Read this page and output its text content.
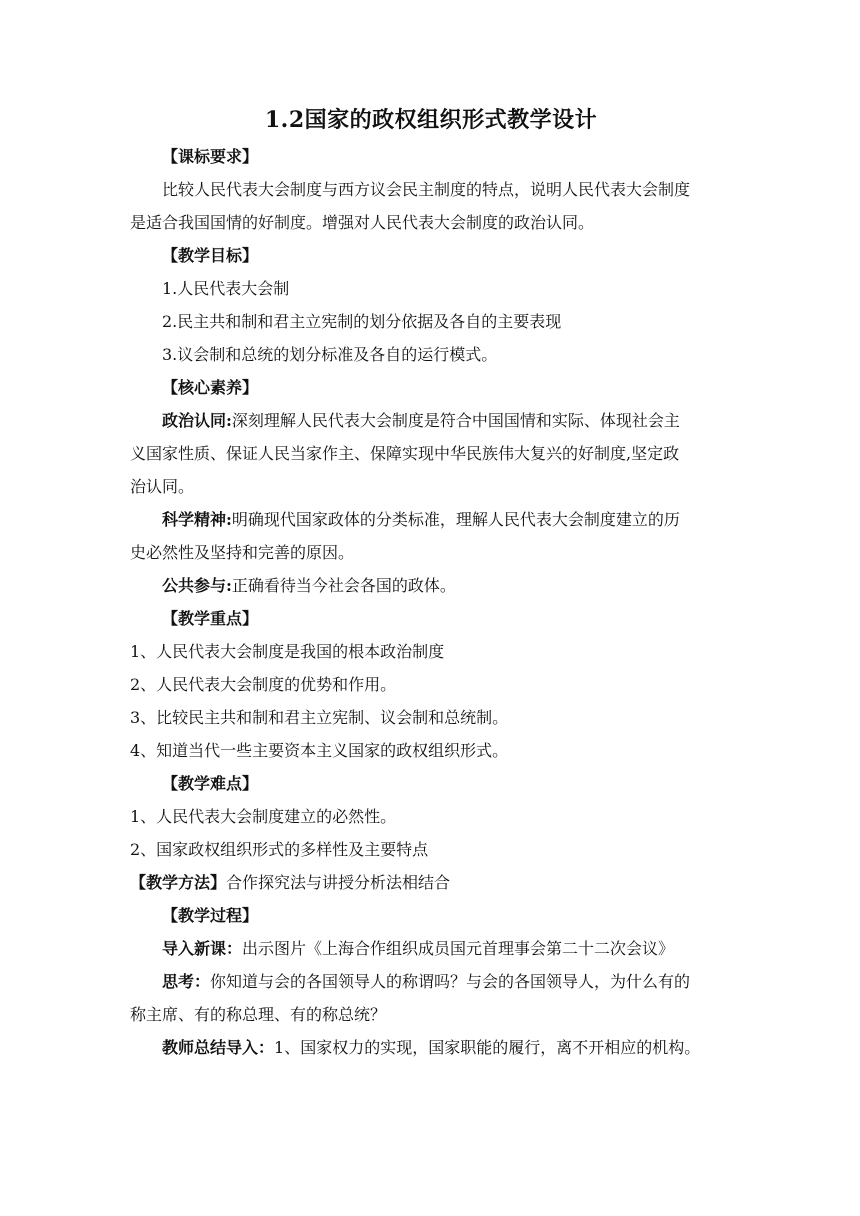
1.2国家的政权组织形式教学设计

【课标要求】

比较人民代表大会制度与西方议会民主制度的特点，说明人民代表大会制度

是适合我国国情的好制度。增强对人民代表大会制度的政治认同。

【教学目标】

1.人民代表大会制

2.民主共和制和君主立宪制的划分依据及各自的主要表现

3.议会制和总统的划分标准及各自的运行模式。

【核心素养】

政治认同:深刻理解人民代表大会制度是符合中国国情和实际、体现社会主

义国家性质、保证人民当家作主、保障实现中华民族伟大复兴的好制度,坚定政

治认同。

科学精神:明确现代国家政体的分类标准，理解人民代表大会制度建立的历

史必然性及坚持和完善的原因。

公共参与:正确看待当今社会各国的政体。

【教学重点】

1、人民代表大会制度是我国的根本政治制度

2、人民代表大会制度的优势和作用。

3、比较民主共和制和君主立宪制、议会制和总统制。

4、知道当代一些主要资本主义国家的政权组织形式。

【教学难点】

1、人民代表大会制度建立的必然性。

2、国家政权组织形式的多样性及主要特点

【教学方法】合作探究法与讲授分析法相结合

【教学过程】

导入新课：出示图片《上海合作组织成员国元首理事会第二十二次会议》

思考：你知道与会的各国领导人的称谓吗？与会的各国领导人，为什么有的

称主席、有的称总理、有的称总统？

教师总结导入：1、国家权力的实现，国家职能的履行，离不开相应的机构。
